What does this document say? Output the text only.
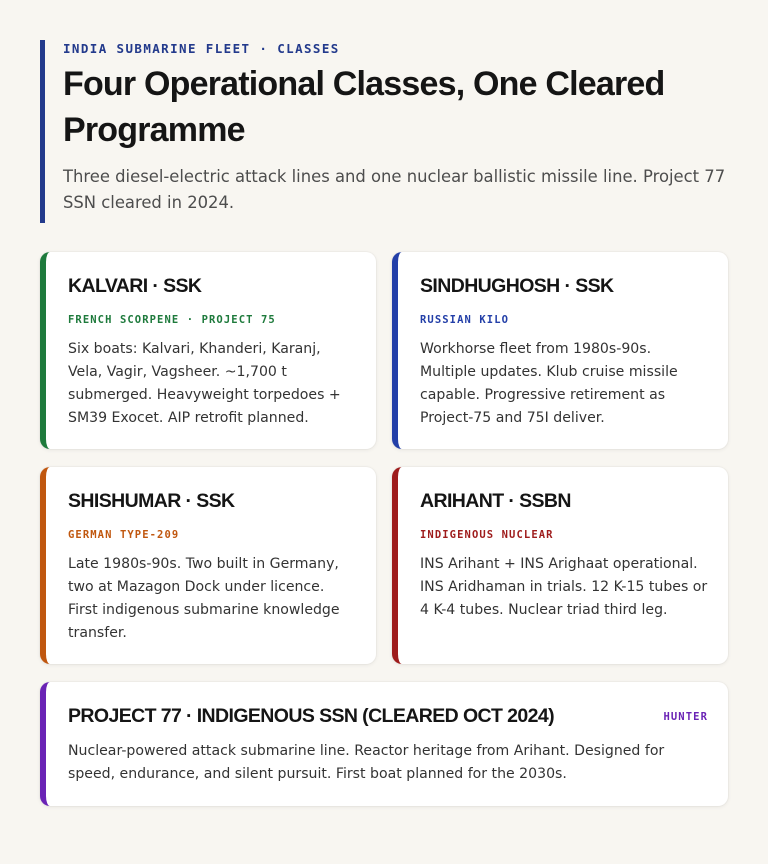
INDIA SUBMARINE FLEET · CLASSES
Four Operational Classes, One Cleared Programme

Three diesel-electric attack lines and one nuclear ballistic missile line. Project 77 SSN cleared in 2024.

KALVARI · SSK
FRENCH SCORPENE · PROJECT 75

Six boats: Kalvari, Khanderi, Karanj, Vela, Vagir, Vagsheer. ~1,700 t submerged. Heavyweight torpedoes + SM39 Exocet. AIP retrofit planned.

SINDHUGHOSH · SSK
RUSSIAN KILO

Workhorse fleet from 1980s-90s. Multiple updates. Klub cruise missile capable. Progressive retirement as Project-75 and 75I deliver.

SHISHUMAR · SSK
GERMAN TYPE-209

Late 1980s-90s. Two built in Germany, two at Mazagon Dock under licence. First indigenous submarine knowledge transfer.

ARIHANT · SSBN
INDIGENOUS NUCLEAR

INS Arihant + INS Arighaat operational. INS Aridhaman in trials. 12 K-15 tubes or 4 K-4 tubes. Nuclear triad third leg.

PROJECT 77 · INDIGENOUS SSN (CLEARED OCT 2024)	HUNTER

Nuclear-powered attack submarine line. Reactor heritage from Arihant. Designed for speed, endurance, and silent pursuit. First boat planned for the 2030s.
